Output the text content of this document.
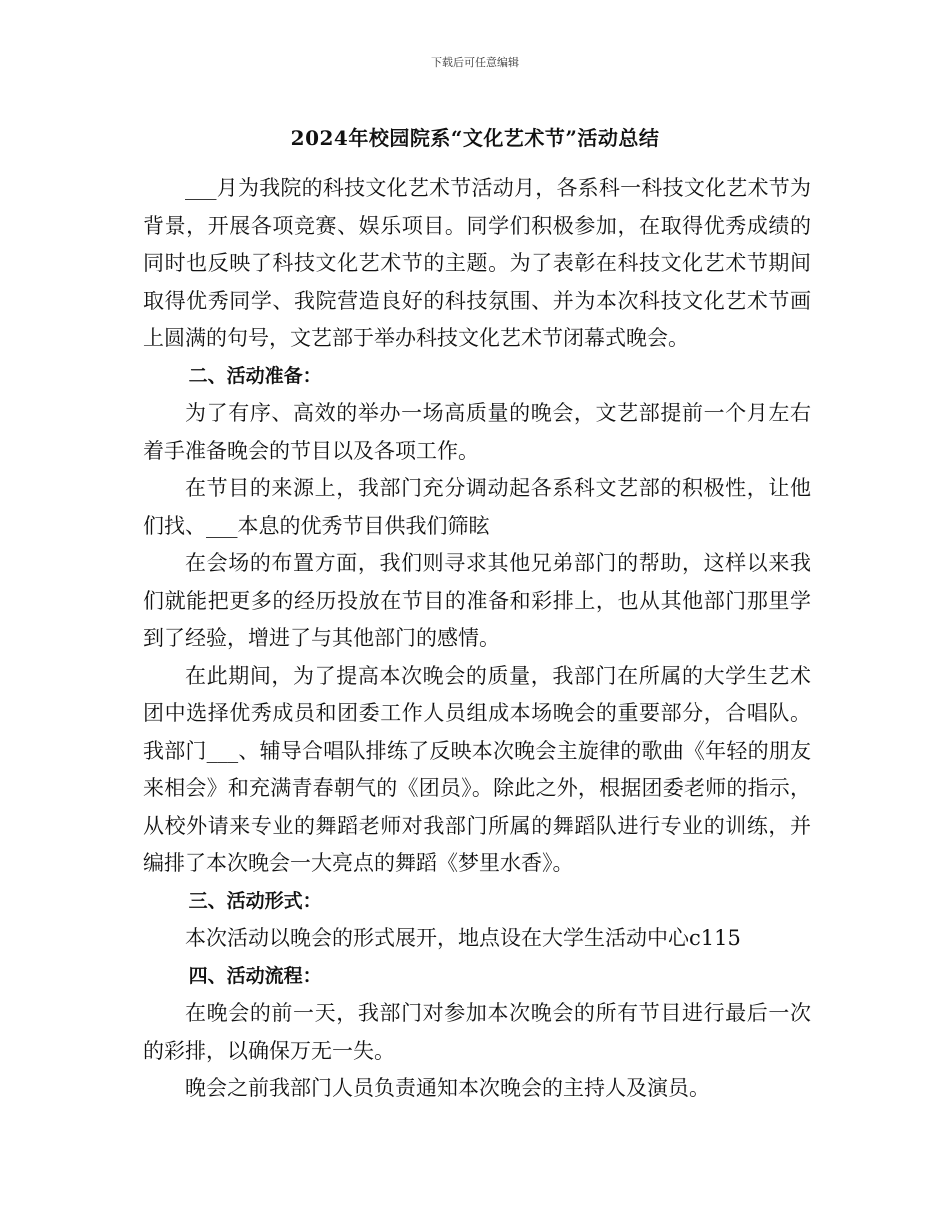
下载后可任意编辑
2024年校园院系“文化艺术节”活动总结

___月为我院的科技文化艺术节活动月，各系科一科技文化艺术节为背景，开展各项竞赛、娱乐项目。同学们积极参加，在取得优秀成绩的同时也反映了科技文化艺术节的主题。为了表彰在科技文化艺术节期间取得优秀同学、我院营造良好的科技氛围、并为本次科技文化艺术节画上圆满的句号，文艺部于举办科技文化艺术节闭幕式晚会。

二、活动准备：

为了有序、高效的举办一场高质量的晚会，文艺部提前一个月左右着手准备晚会的节目以及各项工作。

在节目的来源上，我部门充分调动起各系科文艺部的积极性，让他们找、___本息的优秀节目供我们筛眩

在会场的布置方面，我们则寻求其他兄弟部门的帮助，这样以来我们就能把更多的经历投放在节目的准备和彩排上，也从其他部门那里学到了经验，增进了与其他部门的感情。

在此期间，为了提高本次晚会的质量，我部门在所属的大学生艺术团中选择优秀成员和团委工作人员组成本场晚会的重要部分，合唱队。我部门___、辅导合唱队排练了反映本次晚会主旋律的歌曲《年轻的朋友来相会》和充满青春朝气的《团员》。除此之外，根据团委老师的指示，从校外请来专业的舞蹈老师对我部门所属的舞蹈队进行专业的训练，并编排了本次晚会一大亮点的舞蹈《梦里水香》。

三、活动形式：

本次活动以晚会的形式展开，地点设在大学生活动中心c115

四、活动流程：

在晚会的前一天，我部门对参加本次晚会的所有节目进行最后一次的彩排，以确保万无一失。

晚会之前我部门人员负责通知本次晚会的主持人及演员。
